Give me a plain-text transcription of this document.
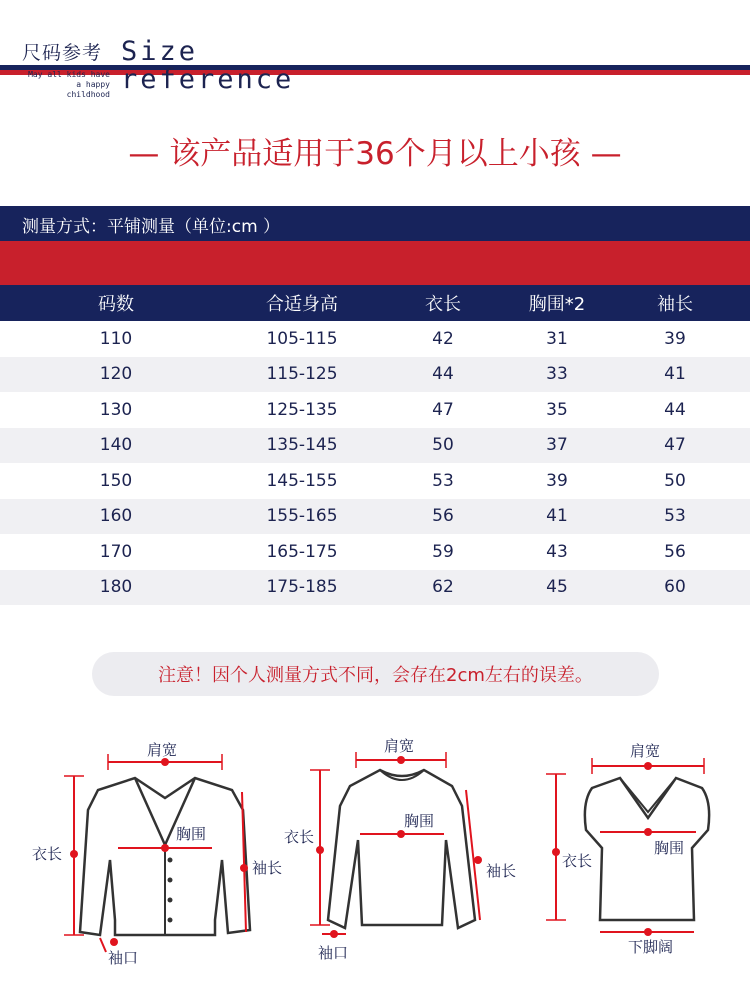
尺码参考 Size
reference
May all kids have
a happy
childhood
— 该产品适用于36个月以上小孩 —
测量方式：平铺测量（单位:cm ）
码数	合适身高	衣长	胸围*2	袖长
110	105-115	42	31	39
120	115-125	44	33	41
130	125-135	47	35	44
140	135-145	50	37	47
150	145-155	53	39	50
160	155-165	56	41	53
170	165-175	59	43	56
180	175-185	62	45	60
注意！因个人测量方式不同，会存在2cm左右的误差。
肩宽
胸围
衣长
袖长
袖口
肩宽
胸围
衣长
袖长
袖口
肩宽
胸围
衣长
下脚阔
